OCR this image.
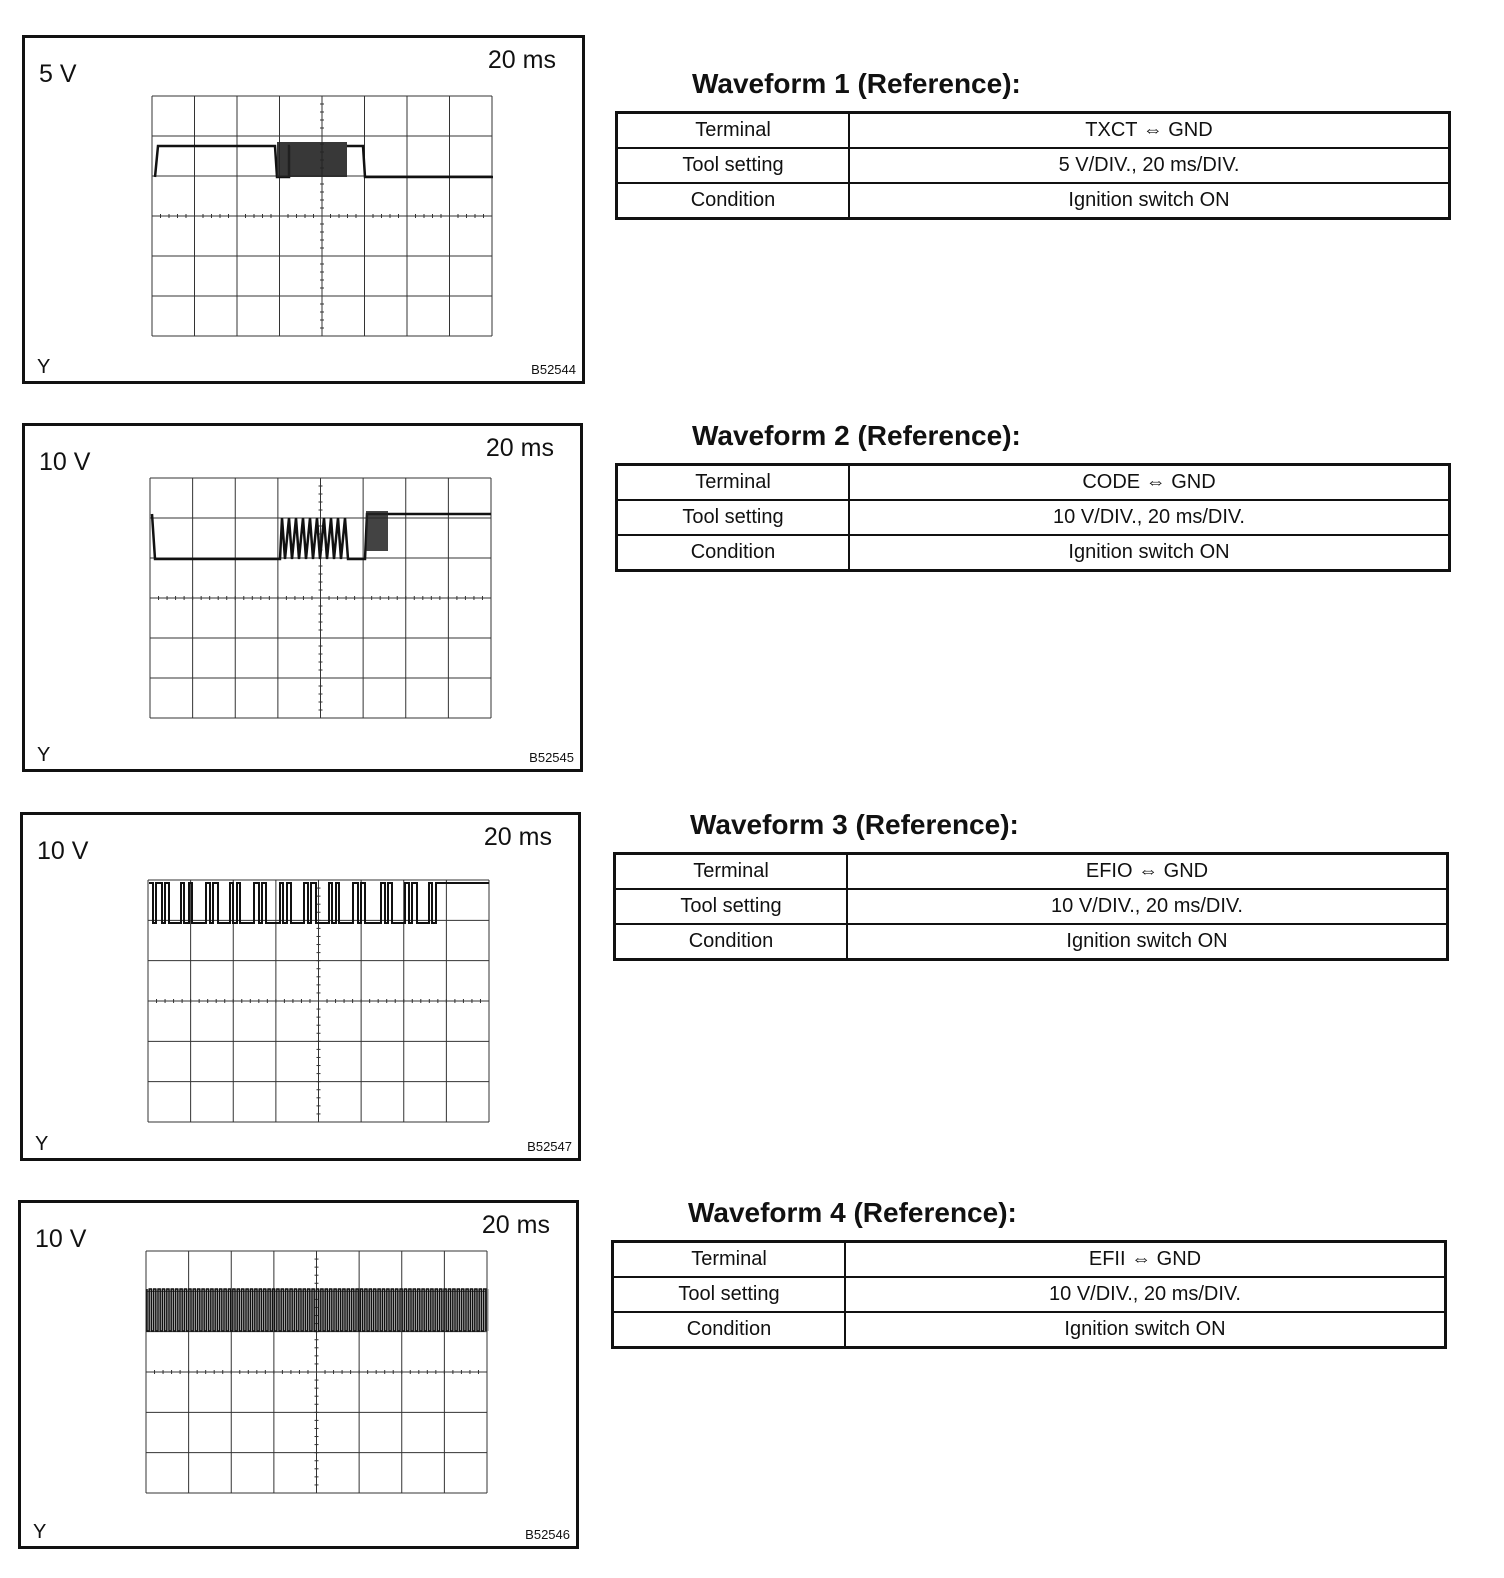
5 V	20 ms
Y	B52544
Waveform 1 (Reference):
Terminal	TXCT ⇔ GND
Tool setting	5 V/DIV., 20 ms/DIV.
Condition	Ignition switch ON
10 V	20 ms
Y	B52545
Waveform 2 (Reference):
Terminal	CODE ⇔ GND
Tool setting	10 V/DIV., 20 ms/DIV.
Condition	Ignition switch ON
10 V	20 ms
Y	B52547
Waveform 3 (Reference):
Terminal	EFIO ⇔ GND
Tool setting	10 V/DIV., 20 ms/DIV.
Condition	Ignition switch ON
10 V	20 ms
Y	B52546
Waveform 4 (Reference):
Terminal	EFII ⇔ GND
Tool setting	10 V/DIV., 20 ms/DIV.
Condition	Ignition switch ON
